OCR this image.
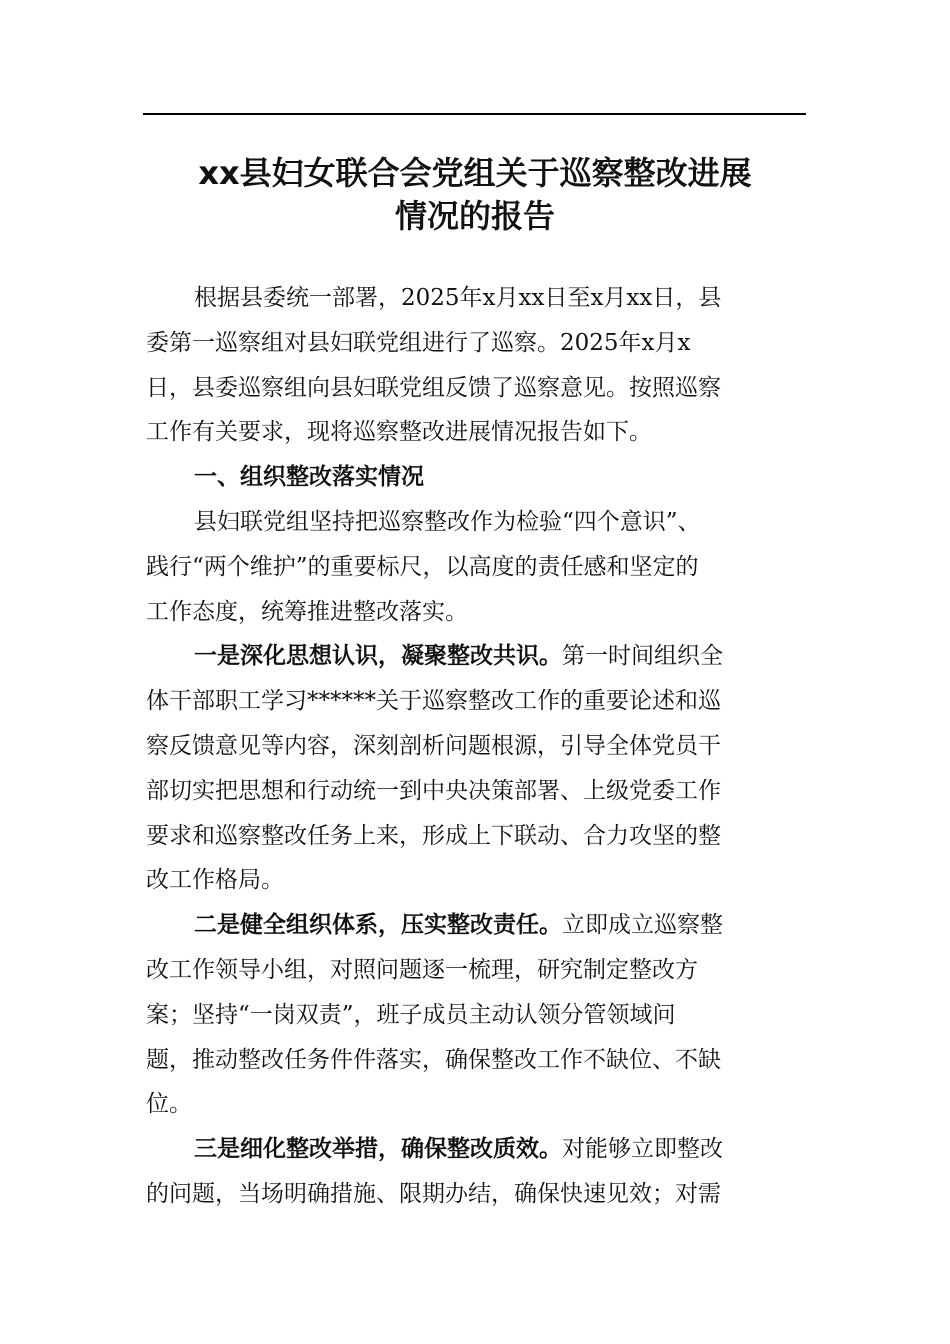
xx县妇女联合会党组关于巡察整改进展
情况的报告
根据县委统一部署，2025年x月xx日至x月xx日，县
委第一巡察组对县妇联党组进行了巡察。2025年x月x
日，县委巡察组向县妇联党组反馈了巡察意见。按照巡察
工作有关要求，现将巡察整改进展情况报告如下。
一、组织整改落实情况
县妇联党组坚持把巡察整改作为检验“四个意识”、
践行“两个维护”的重要标尺，以高度的责任感和坚定的
工作态度，统筹推进整改落实。
一是深化思想认识，凝聚整改共识。第一时间组织全
体干部职工学习******关于巡察整改工作的重要论述和巡
察反馈意见等内容，深刻剖析问题根源，引导全体党员干
部切实把思想和行动统一到中央决策部署、上级党委工作
要求和巡察整改任务上来，形成上下联动、合力攻坚的整
改工作格局。
二是健全组织体系，压实整改责任。立即成立巡察整
改工作领导小组，对照问题逐一梳理，研究制定整改方
案；坚持“一岗双责”，班子成员主动认领分管领域问
题，推动整改任务件件落实，确保整改工作不缺位、不缺
位。
三是细化整改举措，确保整改质效。对能够立即整改
的问题，当场明确措施、限期办结，确保快速见效；对需
